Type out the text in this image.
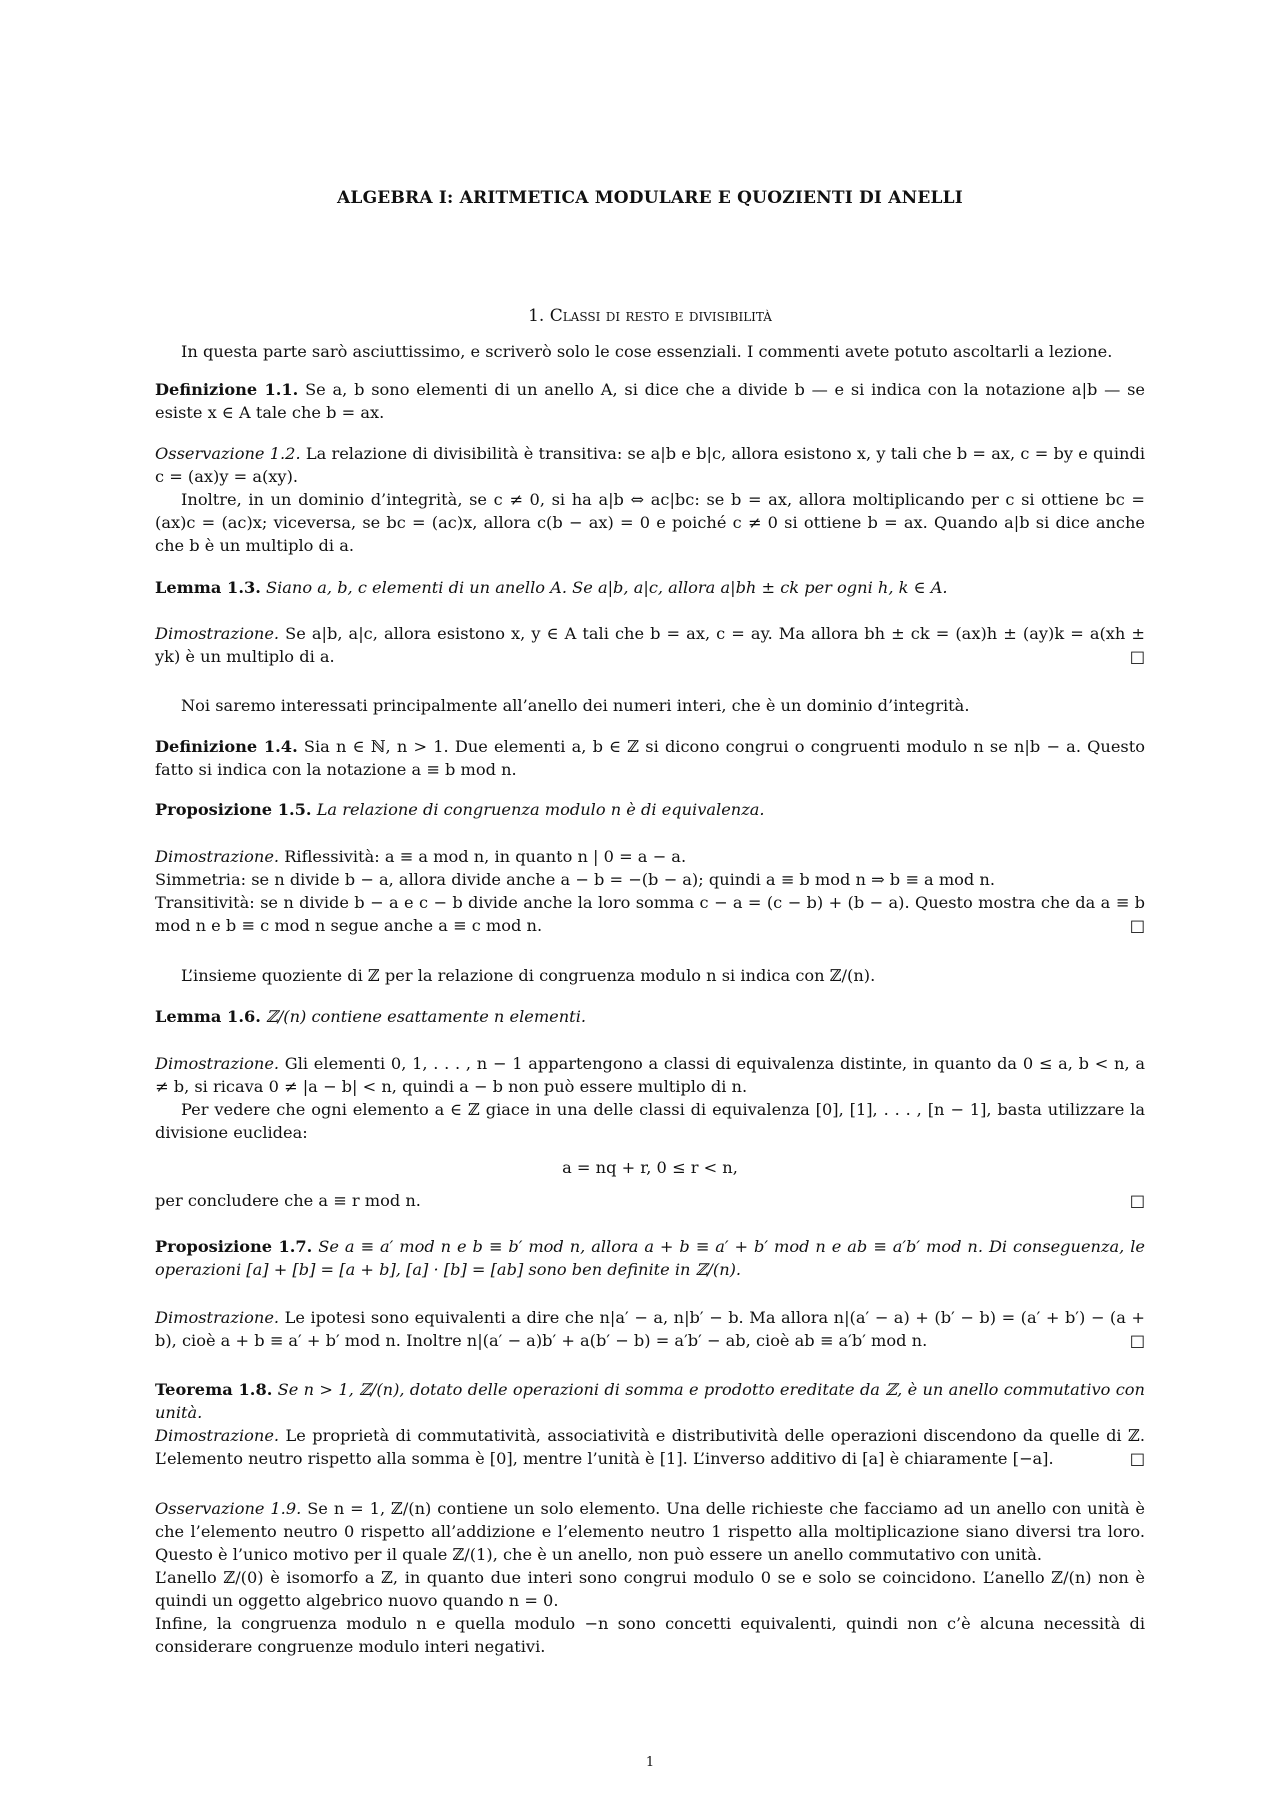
ALGEBRA I: ARITMETICA MODULARE E QUOZIENTI DI ANELLI
1. Classi di resto e divisibilità
In questa parte sarò asciuttissimo, e scriverò solo le cose essenziali. I commenti avete potuto ascoltarli a lezione.
Definizione 1.1. Se a, b sono elementi di un anello A, si dice che a divide b — e si indica con la notazione a|b — se esiste x ∈ A tale che b = ax.
Osservazione 1.2. La relazione di divisibilità è transitiva: se a|b e b|c, allora esistono x, y tali che b = ax, c = by e quindi c = (ax)y = a(xy).
Inoltre, in un dominio d’integrità, se c ≠ 0, si ha a|b ⇔ ac|bc: se b = ax, allora moltiplicando per c si ottiene bc = (ax)c = (ac)x; viceversa, se bc = (ac)x, allora c(b − ax) = 0 e poiché c ≠ 0 si ottiene b = ax. Quando a|b si dice anche che b è un multiplo di a.
Lemma 1.3. Siano a, b, c elementi di un anello A. Se a|b, a|c, allora a|bh ± ck per ogni h, k ∈ A.
Dimostrazione. Se a|b, a|c, allora esistono x, y ∈ A tali che b = ax, c = ay. Ma allora bh ± ck = (ax)h ± (ay)k = a(xh ± yk) è un multiplo di a.	□
Noi saremo interessati principalmente all’anello dei numeri interi, che è un dominio d’integrità.
Definizione 1.4. Sia n ∈ ℕ, n > 1. Due elementi a, b ∈ ℤ si dicono congrui o congruenti modulo n se n|b − a. Questo fatto si indica con la notazione a ≡ b mod n.
Proposizione 1.5. La relazione di congruenza modulo n è di equivalenza.
Dimostrazione. Riflessività: a ≡ a mod n, in quanto n | 0 = a − a.
Simmetria: se n divide b − a, allora divide anche a − b = −(b − a); quindi a ≡ b mod n ⇒ b ≡ a mod n.
Transitività: se n divide b − a e c − b divide anche la loro somma c − a = (c − b) + (b − a). Questo mostra che da a ≡ b mod n e b ≡ c mod n segue anche a ≡ c mod n.	□
L’insieme quoziente di ℤ per la relazione di congruenza modulo n si indica con ℤ/(n).
Lemma 1.6. ℤ/(n) contiene esattamente n elementi.
Dimostrazione. Gli elementi 0, 1, . . . , n − 1 appartengono a classi di equivalenza distinte, in quanto da 0 ≤ a, b < n, a ≠ b, si ricava 0 ≠ |a − b| < n, quindi a − b non può essere multiplo di n.
Per vedere che ogni elemento a ∈ ℤ giace in una delle classi di equivalenza [0], [1], . . . , [n − 1], basta utilizzare la divisione euclidea:
a = nq + r, 0 ≤ r < n,
per concludere che a ≡ r mod n.	□
Proposizione 1.7. Se a ≡ a′ mod n e b ≡ b′ mod n, allora a + b ≡ a′ + b′ mod n e ab ≡ a′b′ mod n. Di conseguenza, le operazioni [a] + [b] = [a + b], [a] · [b] = [ab] sono ben definite in ℤ/(n).
Dimostrazione. Le ipotesi sono equivalenti a dire che n|a′ − a, n|b′ − b. Ma allora n|(a′ − a) + (b′ − b) = (a′ + b′) − (a + b), cioè a + b ≡ a′ + b′ mod n. Inoltre n|(a′ − a)b′ + a(b′ − b) = a′b′ − ab, cioè ab ≡ a′b′ mod n.	□
Teorema 1.8. Se n > 1, ℤ/(n), dotato delle operazioni di somma e prodotto ereditate da ℤ, è un anello commutativo con unità.
Dimostrazione. Le proprietà di commutatività, associatività e distributività delle operazioni discendono da quelle di ℤ. L’elemento neutro rispetto alla somma è [0], mentre l’unità è [1]. L’inverso additivo di [a] è chiaramente [−a].	□
Osservazione 1.9. Se n = 1, ℤ/(n) contiene un solo elemento. Una delle richieste che facciamo ad un anello con unità è che l’elemento neutro 0 rispetto all’addizione e l’elemento neutro 1 rispetto alla moltiplicazione siano diversi tra loro. Questo è l’unico motivo per il quale ℤ/(1), che è un anello, non può essere un anello commutativo con unità.
L’anello ℤ/(0) è isomorfo a ℤ, in quanto due interi sono congrui modulo 0 se e solo se coincidono. L’anello ℤ/(n) non è quindi un oggetto algebrico nuovo quando n = 0.
Infine, la congruenza modulo n e quella modulo −n sono concetti equivalenti, quindi non c’è alcuna necessità di considerare congruenze modulo interi negativi.
1
